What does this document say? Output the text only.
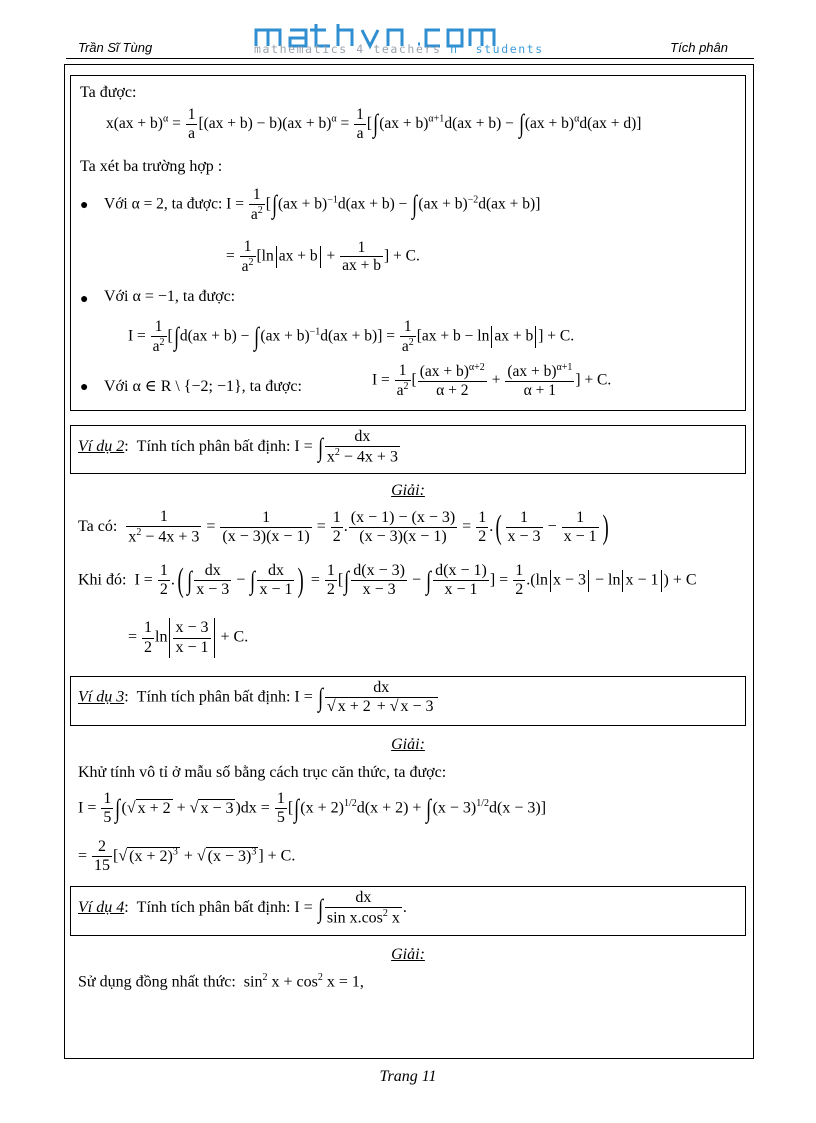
Trần Sĩ Tùng	mathematics 4 teachers n' students	Tích phân
Ta được:
$x(ax + b)^\alpha = \frac{1}{a} [(ax + b) - b)(ax + b)^\alpha = \frac{1}{a} [\int(ax + b)^{\alpha+1}d(ax + b) - \int(ax + b)^\alpha d(ax + d)]$
Ta xét ba trường hợp :
● Với α = 2, ta được: $I = \frac{1}{a^2} [\int(ax + b)^{-1}d(ax + b) - \int(ax + b)^{-2}d(ax + b)]$
= $\frac{1}{a^2} [\ln$ ax + $b + \frac{1}{ax + b}$ ] + C.
● Với α = −1, ta được:
$I = \frac{1}{a^2} [\int d(ax + b) - \int(ax + b)^{-1}d(ax + b)] = \frac{1}{a^2} [ax + b - \ln$ ax + b ] + C.
● Với α ∈ R \ {−2; −1}, ta được:	$I = \frac{1}{a^2}$ [ $\frac{(ax + b)^{\alpha+2}}{\alpha + 2} + \frac{(ax + b)^{\alpha+1}}{\alpha + 1}$ ] + C.
Ví dụ 2:  Tính tích phân bất định: I = ∫ $\frac{dx}{x^2 - 4x + 3}$
Giải:
Ta có: $\frac{1}{x^2 - 4x + 3} = \frac{1}{(x - 3)(x - 1)} = \frac{1}{2}$ . $\frac{(x - 1) - (x - 3)}{(x - 3)(x - 1)} = \frac{1}{2}$ .( $\frac{1}{x - 3} - \frac{1}{x - 1}$ )
Khi đó:  $I = \frac{1}{2}$ .( ∫ $\frac{dx}{x - 3}$ − ∫ $\frac{dx}{x - 1}$ ) = $\frac{1}{2}$ [∫ $\frac{d(x - 3)}{x - 3}$ − ∫ $\frac{d(x - 1)}{x - 1}$ ] = $\frac{1}{2} .(\ln$ x − 3 − ln x − 1 ) + C
= $\frac{1}{2}$ $\ln \frac{x - 3}{x - 1} + C$.
Ví dụ 3:  Tính tích phân bất định: I = ∫ $\frac{dx}{√ x + 2 + √ x - 3}$
Giải:
Khử tính vô tỉ ở mẫu số bằng cách trục căn thức, ta được:
$I = \frac{1}{5}$ ∫(√ x + 2 + √ x − 3 )$dx = \frac{1}{5} [\int(x + 2)^{1/2}d(x + 2) + \int(x - 3)^{1/2}d(x - 3)]$
= $\frac{2}{15}$ [√ $(x + 2)^3$ + √ $(x - 3)^3$ ] + C.
Ví dụ 4:  Tính tích phân bất định: I = ∫ $\frac{dx}{\sin x.\cos^2 x}$ .
Giải:
Sử dụng đồng nhất thức:  $\sin^2 x + \cos^2 x = 1$,
Trang 11
